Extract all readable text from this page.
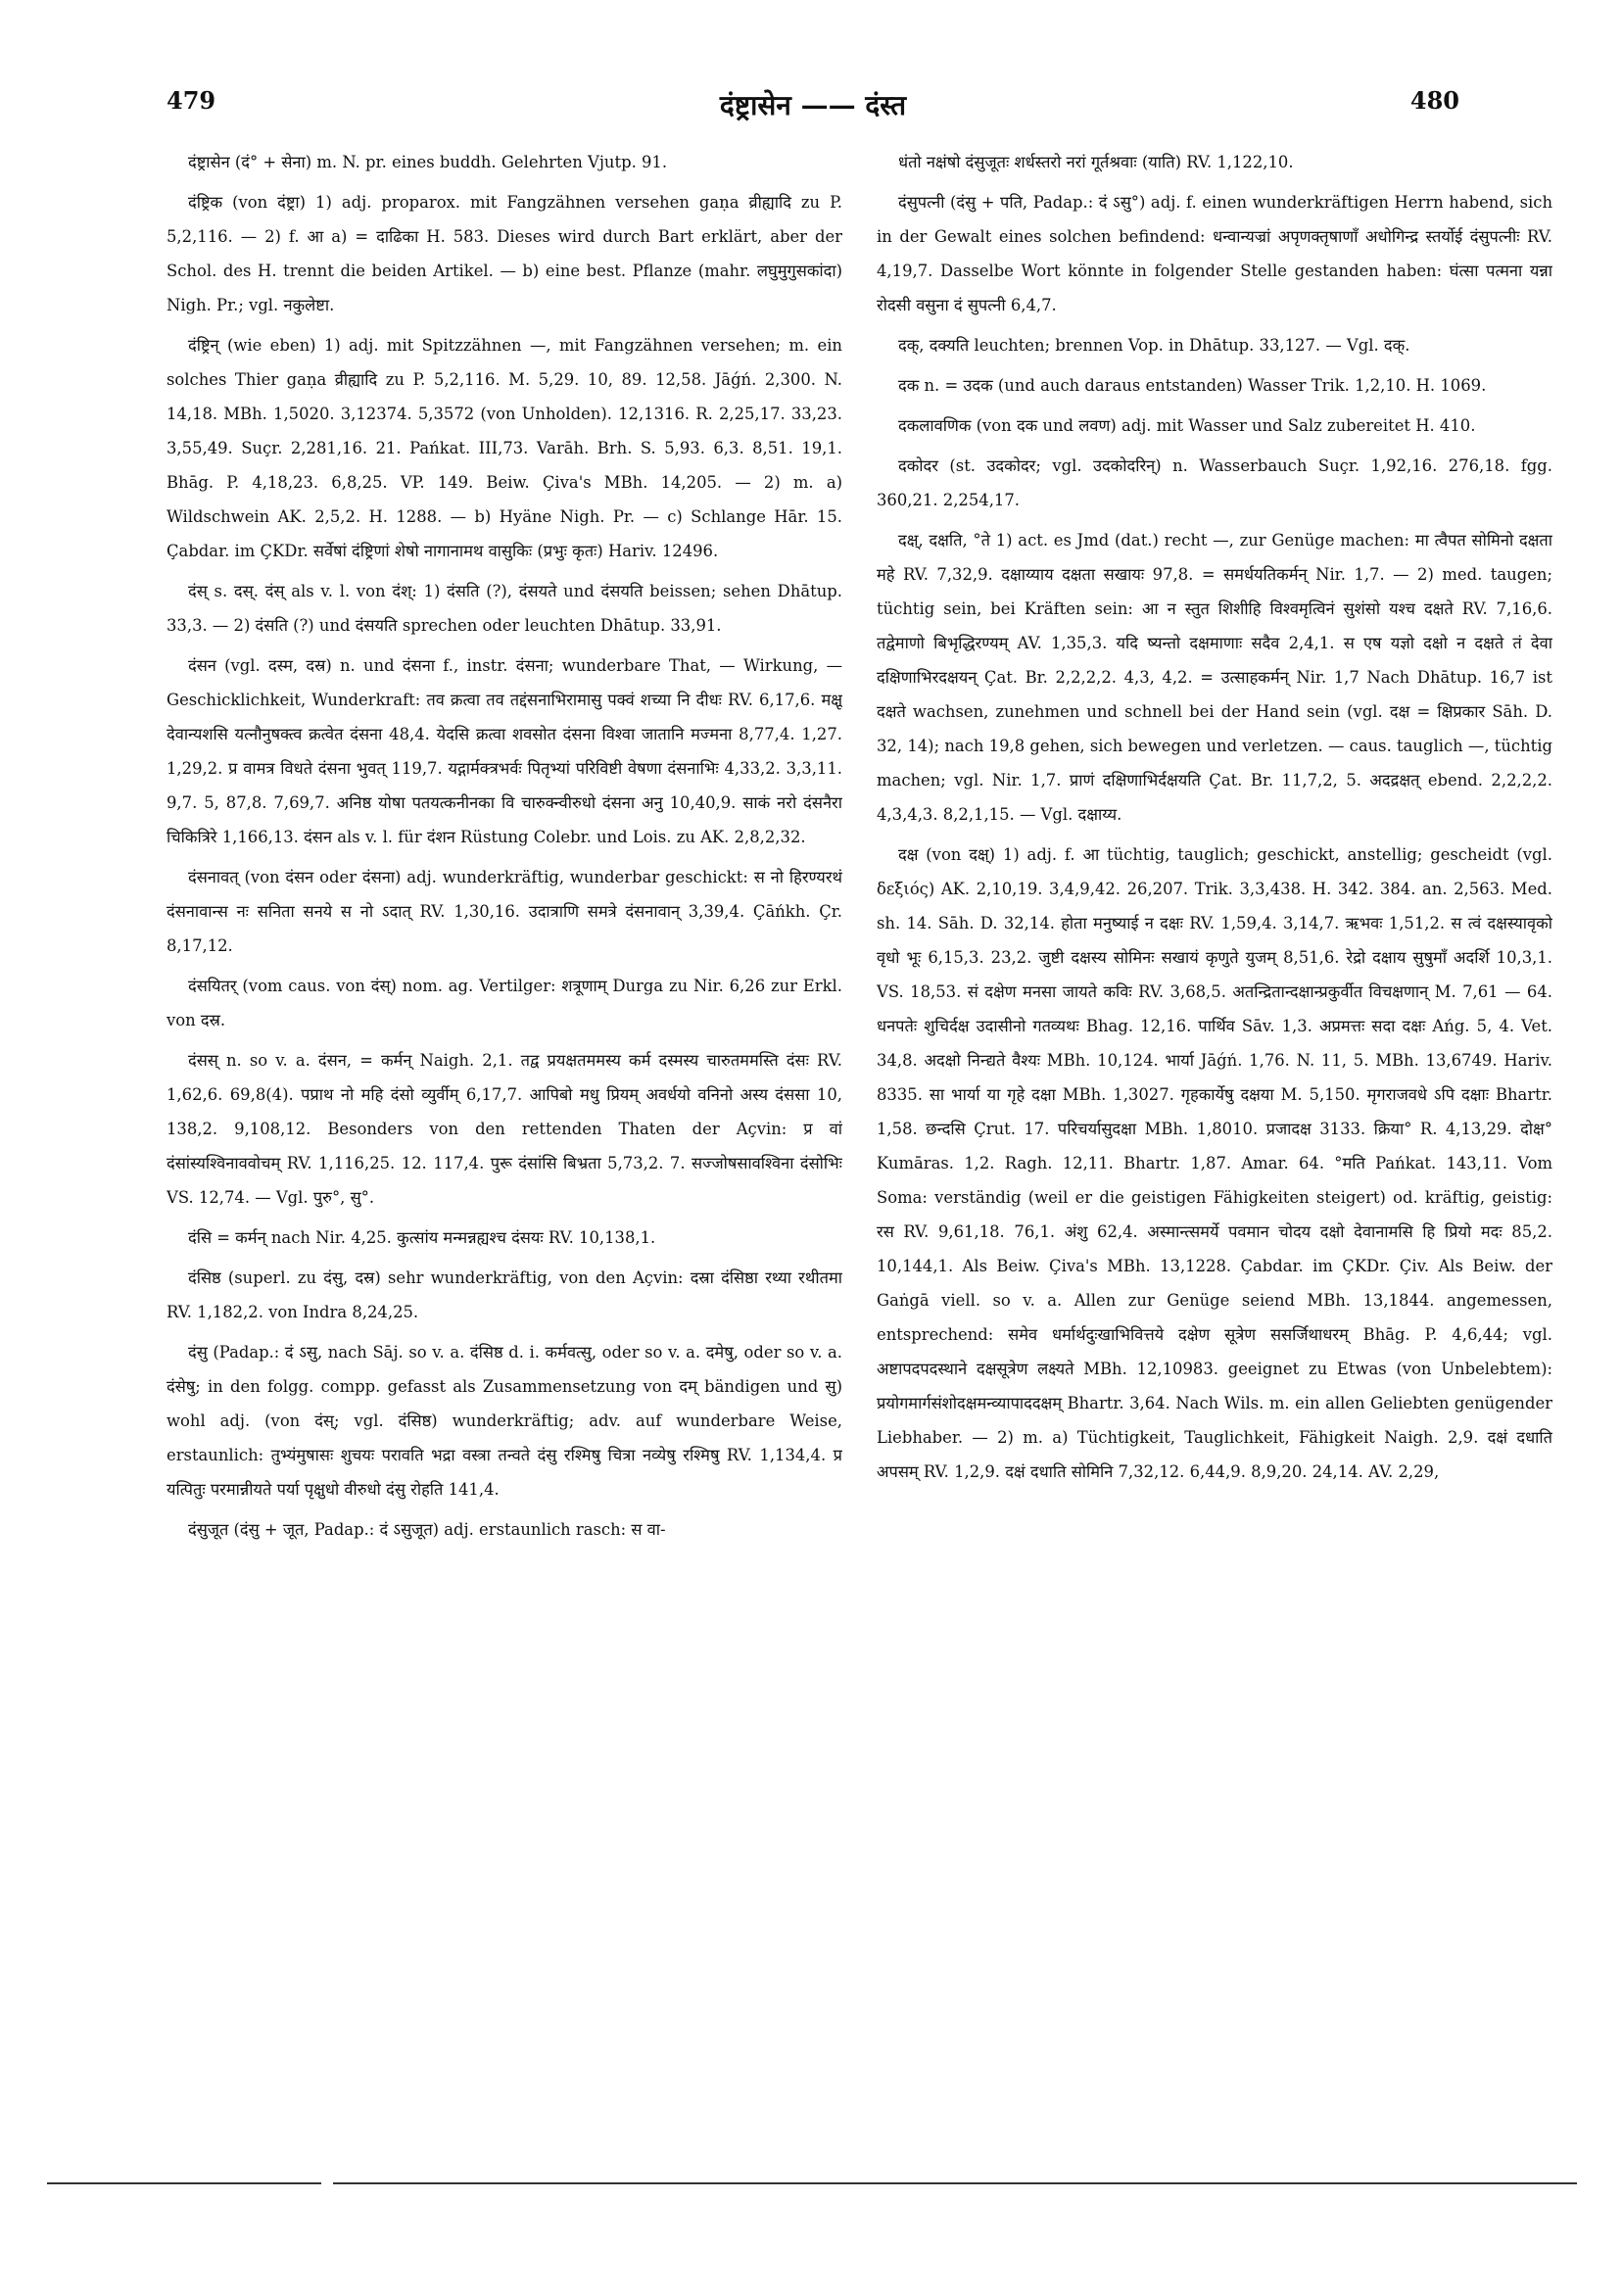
479	दंष्ट्रासेन —— दंस्त	480

दंष्ट्रासेन (दं° + सेना) m. N. pr. eines buddh. Gelehrten Vjutp. 91.

दंष्ट्रिक (von दंष्ट्रा) 1) adj. proparox. mit Fangzähnen versehen gaṇa व्रीह्यादि zu P. 5,2,116. — 2) f. आ a) = दाढिका H. 583. Dieses wird durch Bart erklärt, aber der Schol. des H. trennt die beiden Artikel. — b) eine best. Pflanze (mahr. लघुमुगुसकांदा) Nigh. Pr.; vgl. नकुलेष्टा.

दंष्ट्रिन् (wie eben) 1) adj. mit Spitzzähnen —, mit Fangzähnen versehen; m. ein solches Thier gaṇa व्रीह्यादि zu P. 5,2,116. M. 5,29. 10, 89. 12,58. Jāǵń. 2,300. N. 14,18. MBh. 1,5020. 3,12374. 5,3572 (von Unholden). 12,1316. R. 2,25,17. 33,23. 3,55,49. Suçr. 2,281,16. 21. Pańkat. III,73. Varāh. Brh. S. 5,93. 6,3. 8,51. 19,1. Bhāg. P. 4,18,23. 6,8,25. VP. 149. Beiw. Çiva's MBh. 14,205. — 2) m. a) Wildschwein AK. 2,5,2. H. 1288. — b) Hyäne Nigh. Pr. — c) Schlange Hār. 15. Çabdar. im ÇKDr. सर्वेषां दंष्ट्रिणां शेषो नागानामथ वासुकिः (प्रभुः कृतः) Hariv. 12496.

दंस् s. दस्. दंस् als v. l. von दंश्: 1) दंसति (?), दंसयते und दंसयति beissen; sehen Dhātup. 33,3. — 2) दंसति (?) und दंसयति sprechen oder leuchten Dhātup. 33,91.

दंसन (vgl. दस्म, दस्र) n. und दंसना f., instr. दंसना; wunderbare That, — Wirkung, — Geschicklichkeit, Wunderkraft: तव क्रत्वा तव तद्दंसनाभिरामासु पक्वं शच्या नि दीधः RV. 6,17,6. मक्षू देवान्यशसि यत्नौनुषक्त्व क्रत्वेत दंसना 48,4. येदसि क्रत्वा शवसोत दंसना विश्वा जातानि मज्मना 8,77,4. 1,27. 1,29,2. प्र वामत्र विधते दंसना भुवत् 119,7. यद्गार्मक्त्रभर्वः पितृभ्यां परिविष्टी वेषणा दंसनाभिः 4,33,2. 3,3,11. 9,7. 5, 87,8. 7,69,7. अनिष्ठ योषा पतयत्कनीनका वि चारुक्न्वीरुधो दंसना अनु 10,40,9. साकं नरो दंसनैरा चिकित्रिरे 1,166,13. दंसन als v. l. für दंशन Rüstung Colebr. und Lois. zu AK. 2,8,2,32.

दंसनावत् (von दंसन oder दंसना) adj. wunderkräftig, wunderbar geschickt: स नो हिरण्यरथं दंसनावान्स नः सनिता सनये स नो ऽदात् RV. 1,30,16. उदात्राणि समत्रे दंसनावान् 3,39,4. Çāńkh. Çr. 8,17,12.

दंसयितर् (vom caus. von दंस्) nom. ag. Vertilger: शत्रूणाम् Durga zu Nir. 6,26 zur Erkl. von दस्र.

दंसस् n. so v. a. दंसन, = कर्मन् Naigh. 2,1. तद्व प्रयक्षतममस्य कर्म दस्मस्य चारुतममस्ति दंसः RV. 1,62,6. 69,8(4). पप्राथ नो महि दंसो व्युर्वीम् 6,17,7. आपिबो मधु प्रियम् अवर्धयो वनिनो अस्य दंससा 10, 138,2. 9,108,12. Besonders von den rettenden Thaten der Açvin: प्र वां दंसांस्यश्विनाववोचम् RV. 1,116,25. 12. 117,4. पुरू दंसांसि बिभ्रता 5,73,2. 7. सज्जोषसावश्विना दंसोभिः VS. 12,74. — Vgl. पुरु°, सु°.

दंसि = कर्मन् nach Nir. 4,25. कुत्सांय मन्मन्नह्यश्च दंसयः RV. 10,138,1.

दंसिष्ठ (superl. zu दंसु, दस्र) sehr wunderkräftig, von den Açvin: दस्रा दंसिष्ठा रथ्या रथीतमा RV. 1,182,2. von Indra 8,24,25.

दंसु (Padap.: दं ऽसु, nach Sāj. so v. a. दंसिष्ठ d. i. कर्मवत्सु, oder so v. a. दमेषु, oder so v. a. दंसेषु; in den folgg. compp. gefasst als Zusammensetzung von दम् bändigen und सु) wohl adj. (von दंस्; vgl. दंसिष्ठ) wunderkräftig; adv. auf wunderbare Weise, erstaunlich: तुभ्यंमुषासः शुचयः परावति भद्रा वस्त्रा तन्वते दंसु रश्मिषु चित्रा नव्येषु रश्मिषु RV. 1,134,4. प्र यत्पितुः परमान्नीयते पर्या पृक्षुधो वीरुधो दंसु रोहति 141,4.

दंसुजूत (दंसु + जूत, Padap.: दं ऽसुजूत) adj. erstaunlich rasch: स वा-

धंतो नक्षंषो दंसुजूतः शर्धस्तरो नरां गूर्तश्रवाः (याति) RV. 1,122,10.

दंसुपत्नी (दंसु + पति, Padap.: दं ऽसु°) adj. f. einen wunderkräftigen Herrn habend, sich in der Gewalt eines solchen befindend: धन्वान्यज्रां अपृणक्तृषाणाँ अधोगिन्द्र स्तर्योई दंसुपत्नीः RV. 4,19,7. Dasselbe Wort könnte in folgender Stelle gestanden haben: घंत्सा पत्मना यन्ना रोदसी वसुना दं सुपत्नी 6,4,7.

दक्, दक्यति leuchten; brennen Vop. in Dhātup. 33,127. — Vgl. दक्.

दक n. = उदक (und auch daraus entstanden) Wasser Trik. 1,2,10. H. 1069.

दकलावणिक (von दक und लवण) adj. mit Wasser und Salz zubereitet H. 410.

दकोदर (st. उदकोदर; vgl. उदकोदरिन्) n. Wasserbauch Suçr. 1,92,16. 276,18. fgg. 360,21. 2,254,17.

दक्ष्, दक्षति, °ते 1) act. es Jmd (dat.) recht —, zur Genüge machen: मा त्वैपत सोमिनो दक्षता महे RV. 7,32,9. दक्षाय्याय दक्षता सखायः 97,8. = समर्धयतिकर्मन् Nir. 1,7. — 2) med. taugen; tüchtig sein, bei Kräften sein: आ न स्तुत शिशीहि विश्वमृत्विनं सुशंसो यश्च दक्षते RV. 7,16,6. तद्वेमाणो बिभृद्धिरण्यम् AV. 1,35,3. यदि ष्यन्तो दक्षमाणाः सदैव 2,4,1. स एष यज्ञो दक्षो न दक्षते तं देवा दक्षिणाभिरदक्षयन् Çat. Br. 2,2,2,2. 4,3, 4,2. = उत्साहकर्मन् Nir. 1,7 Nach Dhātup. 16,7 ist दक्षते wachsen, zunehmen und schnell bei der Hand sein (vgl. दक्ष = क्षिप्रकार Sāh. D. 32, 14); nach 19,8 gehen, sich bewegen und verletzen. — caus. tauglich —, tüchtig machen; vgl. Nir. 1,7. प्राणं दक्षिणाभिर्दक्षयति Çat. Br. 11,7,2, 5. अदद्रक्षत् ebend. 2,2,2,2. 4,3,4,3. 8,2,1,15. — Vgl. दक्षाय्य.

दक्ष (von दक्ष्) 1) adj. f. आ tüchtig, tauglich; geschickt, anstellig; gescheidt (vgl. δεξιός) AK. 2,10,19. 3,4,9,42. 26,207. Trik. 3,3,438. H. 342. 384. an. 2,563. Med. sh. 14. Sāh. D. 32,14. होता मनुष्याई न दक्षः RV. 1,59,4. 3,14,7. ऋभवः 1,51,2. स त्वं दक्षस्यावृको वृधो भूः 6,15,3. 23,2. जुष्टी दक्षस्य सोमिनः सखायं कृणुते युजम् 8,51,6. रेद्रो दक्षाय सुषुमाँ अदर्शि 10,3,1. VS. 18,53. सं दक्षेण मनसा जायते कविः RV. 3,68,5. अतन्द्रितान्दक्षान्प्रकुर्वीत विचक्षणान् M. 7,61 — 64. धनपतेः शुचिर्दक्ष उदासीनो गतव्यथः Bhag. 12,16. पार्थिव Sāv. 1,3. अप्रमत्तः सदा दक्षः Ańg. 5, 4. Vet. 34,8. अदक्षो निन्द्यते वैश्यः MBh. 10,124. भार्या Jāǵń. 1,76. N. 11, 5. MBh. 13,6749. Hariv. 8335. सा भार्या या गृहे दक्षा MBh. 1,3027. गृहकार्येषु दक्षया M. 5,150. मृगराजवधे ऽपि दक्षाः Bhartr. 1,58. छन्दसि Çrut. 17. परिचर्यासुदक्षा MBh. 1,8010. प्रजादक्ष 3133. क्रिया° R. 4,13,29. दोक्ष° Kumāras. 1,2. Ragh. 12,11. Bhartr. 1,87. Amar. 64. °मति Pańkat. 143,11. Vom Soma: verständig (weil er die geistigen Fähigkeiten steigert) od. kräftig, geistig: रस RV. 9,61,18. 76,1. अंशु 62,4. अस्मान्त्समर्ये पवमान चोदय दक्षो देवानामसि हि प्रियो मदः 85,2. 10,144,1. Als Beiw. Çiva's MBh. 13,1228. Çabdar. im ÇKDr. Çiv. Als Beiw. der Gaṅgā viell. so v. a. Allen zur Genüge seiend MBh. 13,1844. angemessen, entsprechend: समेव धर्मार्थदुःखाभिवित्तये दक्षेण सूत्रेण ससर्जिथाधरम् Bhāg. P. 4,6,44; vgl. अष्टापदपदस्थाने दक्षसूत्रेण लक्ष्यते MBh. 12,10983. geeignet zu Etwas (von Unbelebtem): प्रयोगमार्गसंशोदक्षमन्व्यापाददक्षम् Bhartr. 3,64. Nach Wils. m. ein allen Geliebten genügender Liebhaber. — 2) m. a) Tüchtigkeit, Tauglichkeit, Fähigkeit Naigh. 2,9. दक्षं दधाति अपसम् RV. 1,2,9. दक्षं दधाति सोमिनि 7,32,12. 6,44,9. 8,9,20. 24,14. AV. 2,29,
